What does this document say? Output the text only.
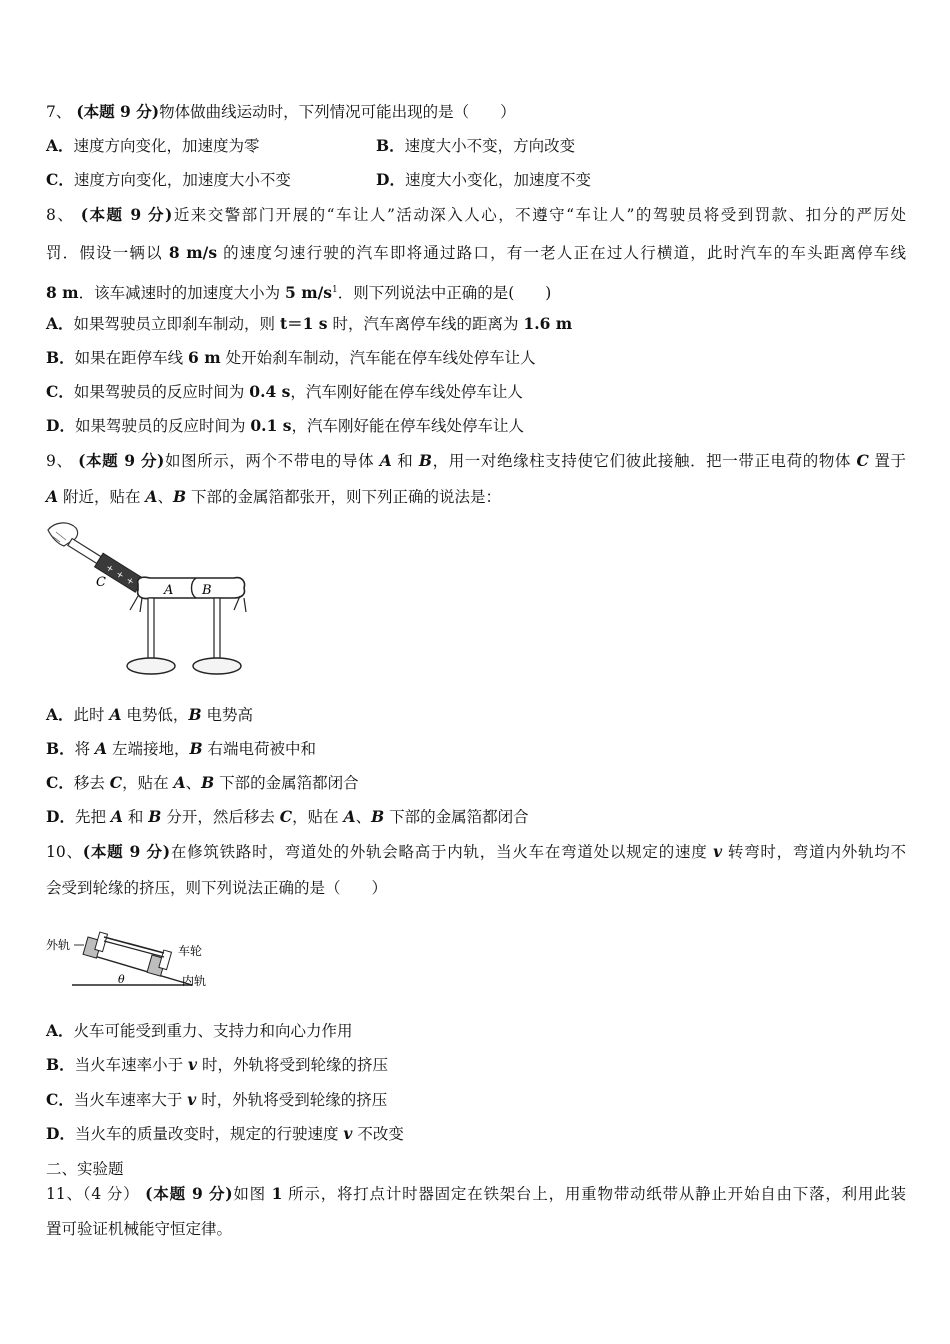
7、 (本题 9 分)物体做曲线运动时，下列情况可能出现的是（　　）
A．速度方向变化，加速度为零	B．速度大小不变，方向改变
C．速度方向变化，加速度大小不变	D．速度大小变化，加速度不变
8、 (本题 9 分)近来交警部门开展的“车让人”活动深入人心，不遵守“车让人”的驾驶员将受到罚款、扣分的严厉处
罚．假设一辆以 8 m/s 的速度匀速行驶的汽车即将通过路口，有一老人正在过人行横道，此时汽车的车头距离停车线
8 m．该车减速时的加速度大小为 5 $m/s^1$．则下列说法中正确的是(　　)
A．如果驾驶员立即刹车制动，则 t＝1 s 时，汽车离停车线的距离为 1.6 m
B．如果在距停车线 6 m 处开始刹车制动，汽车能在停车线处停车让人
C．如果驾驶员的反应时间为 0.4 s，汽车刚好能在停车线处停车让人
D．如果驾驶员的反应时间为 0.1 s，汽车刚好能在停车线处停车让人
9、 (本题 9 分)如图所示，两个不带电的导体 A 和 B，用一对绝缘柱支持使它们彼此接触．把一带正电荷的物体 C 置于
A 附近，贴在 A、B 下部的金属箔都张开，则下列正确的说法是：
+
+
+
C
A B
A．此时 A 电势低，B 电势高
B．将 A 左端接地，B 右端电荷被中和
C．移去 C，贴在 A、B 下部的金属箔都闭合
D．先把 A 和 B 分开，然后移去 C，贴在 A、B 下部的金属箔都闭合
10、(本题 9 分)在修筑铁路时，弯道处的外轨会略高于内轨，当火车在弯道处以规定的速度 v 转弯时，弯道内外轨均不
会受到轮缘的挤压，则下列说法正确的是（　　）
外轨
θ
车轮
内轨
A．火车可能受到重力、支持力和向心力作用
B．当火车速率小于 v 时，外轨将受到轮缘的挤压
C．当火车速率大于 v 时，外轨将受到轮缘的挤压
D．当火车的质量改变时，规定的行驶速度 v 不改变
二、实验题
11、（4 分） (本题 9 分)如图 1 所示，将打点计时器固定在铁架台上，用重物带动纸带从静止开始自由下落，利用此装
置可验证机械能守恒定律。
